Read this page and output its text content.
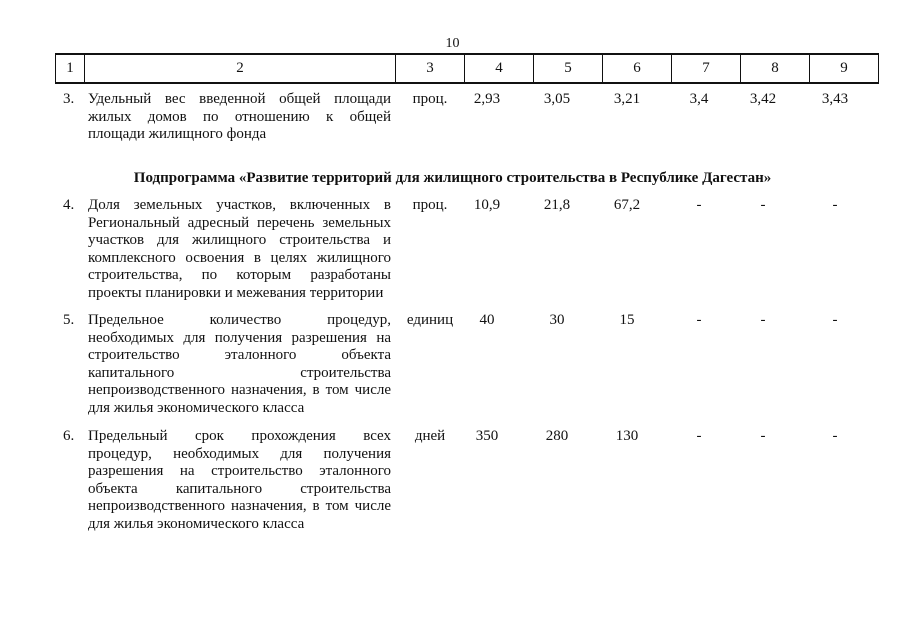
10
1	2	3	4	5	6	7	8	9
3. Удельный вес введенной общей площади
жилых домов по отношению к общей
площади жилищного фонда
проц.	2,93	3,05	3,21	3,4	3,42	3,43
Подпрограмма «Развитие территорий для жилищного строительства в Республике Дагестан»
4. Доля земельных участков, включенных в
Региональный адресный перечень земельных
участков для жилищного строительства и
комплексного освоения в целях жилищного
строительства, по которым разработаны
проекты планировки и межевания территории
проц.	10,9	21,8	67,2	-	-	-
5. Предельное количество процедур,
необходимых для получения разрешения на
строительство эталонного объекта
капитального строительства
непроизводственного назначения, в том числе
для жилья экономического класса
единиц	40	30	15	-	-	-
6. Предельный срок прохождения всех
процедур, необходимых для получения
разрешения на строительство эталонного
объекта капитального строительства
непроизводственного назначения, в том числе
для жилья экономического класса
дней	350	280	130	-	-	-
